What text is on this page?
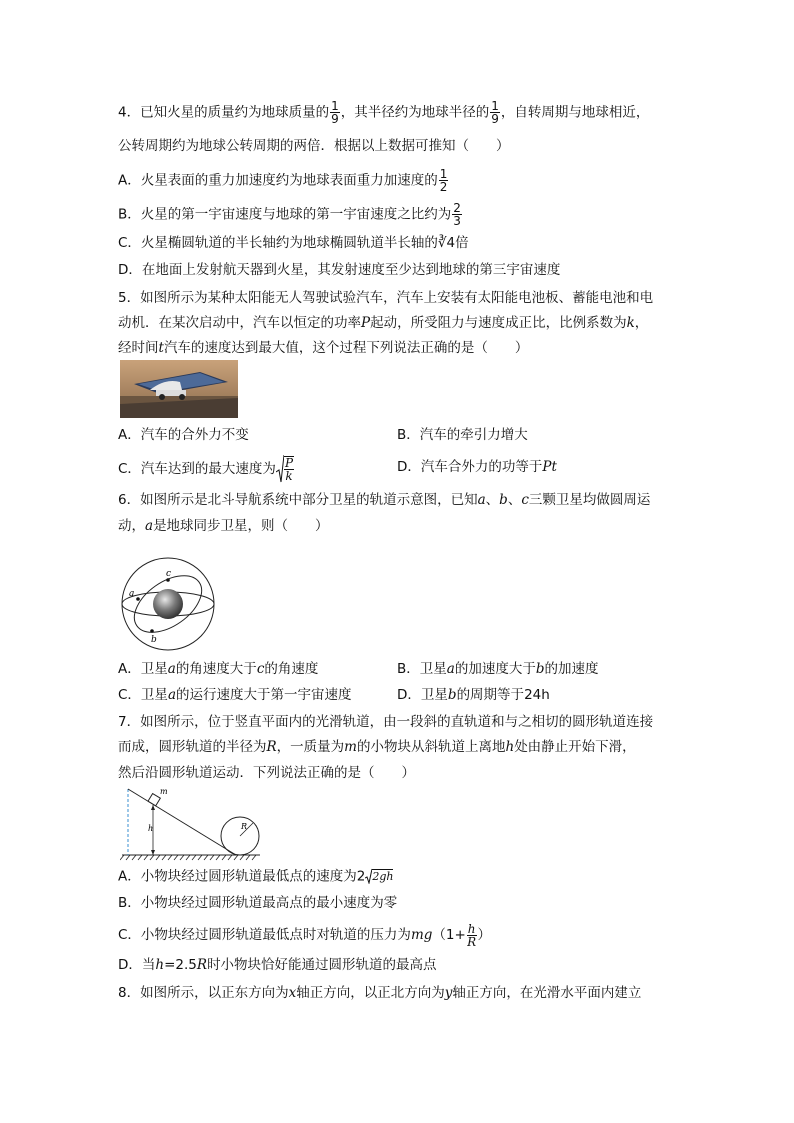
4．已知火星的质量约为地球质量的 $\frac{1}{9}$ ，其半径约为地球半径的 $\frac{1}{9}$ ，自转周期与地球相近，
公转周期约为地球公转周期的两倍．根据以上数据可推知（　　）
A．火星表面的重力加速度约为地球表面重力加速度的 $\frac{1}{2}$
B．火星的第一宇宙速度与地球的第一宇宙速度之比约为 $\frac{2}{3}$
C．火星椭圆轨道的半长轴约为地球椭圆轨道半长轴的∛4倍
D．在地面上发射航天器到火星，其发射速度至少达到地球的第三宇宙速度
5．如图所示为某种太阳能无人驾驶试验汽车，汽车上安装有太阳能电池板、蓄能电池和电
动机．在某次启动中，汽车以恒定的功率P起动，所受阻力与速度成正比，比例系数为k，
经时间t汽车的速度达到最大值，这个过程下列说法正确的是（　　）
A．汽车的合外力不变	B．汽车的牵引力增大
C．汽车达到的最大速度为 $\frac{P}{k}$	D．汽车合外力的功等于Pt
6．如图所示是北斗导航系统中部分卫星的轨道示意图，已知a、b、c三颗卫星均做圆周运
动，a是地球同步卫星，则（　　）
a
c
b
A．卫星a的角速度大于c的角速度	B．卫星a的加速度大于b的加速度
C．卫星a的运行速度大于第一宇宙速度	D．卫星b的周期等于24h
7．如图所示，位于竖直平面内的光滑轨道，由一段斜的直轨道和与之相切的圆形轨道连接
而成，圆形轨道的半径为R，一质量为m的小物块从斜轨道上离地h处由静止开始下滑，
然后沿圆形轨道运动．下列说法正确的是（　　）
m
h	R
A．小物块经过圆形轨道最低点的速度为2 2gh
B．小物块经过圆形轨道最高点的最小速度为零
C．小物块经过圆形轨道最低点时对轨道的压力为$mg(1+ \frac{h}{R}$ ）
D．当h=2.5R时小物块恰好能通过圆形轨道的最高点
8．如图所示，以正东方向为x轴正方向，以正北方向为y轴正方向，在光滑水平面内建立
